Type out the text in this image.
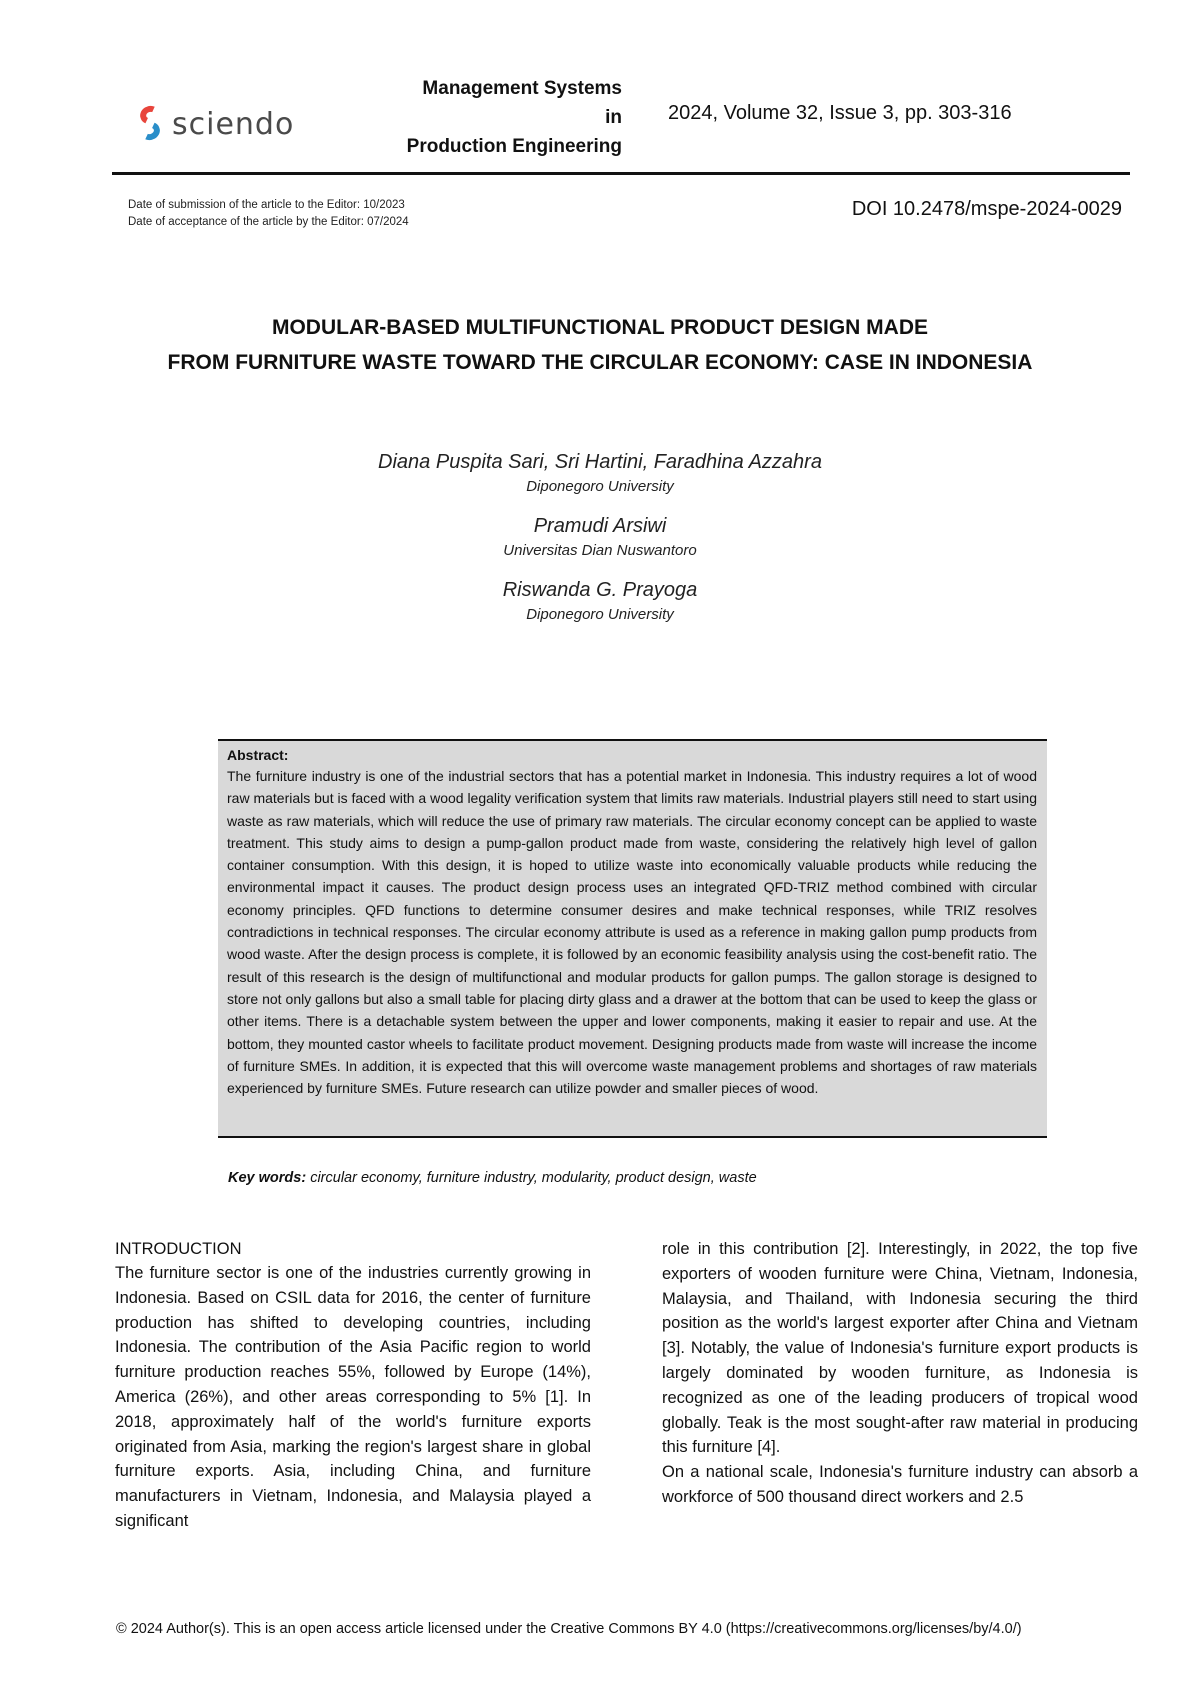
sciendo
Management Systems
in
Production Engineering
2024, Volume 32, Issue 3, pp. 303-316
Date of submission of the article to the Editor: 10/2023
Date of acceptance of the article by the Editor: 07/2024
DOI 10.2478/mspe-2024-0029
MODULAR-BASED MULTIFUNCTIONAL PRODUCT DESIGN MADE
FROM FURNITURE WASTE TOWARD THE CIRCULAR ECONOMY: CASE IN INDONESIA
Diana Puspita Sari, Sri Hartini, Faradhina Azzahra
Diponegoro University
Pramudi Arsiwi
Universitas Dian Nuswantoro
Riswanda G. Prayoga
Diponegoro University
Abstract:
The furniture industry is one of the industrial sectors that has a potential market in Indonesia. This industry requires a lot of wood raw materials but is faced with a wood legality verification system that limits raw materials. Industrial players still need to start using waste as raw materials, which will reduce the use of primary raw materials. The circular economy concept can be applied to waste treatment. This study aims to design a pump-gallon product made from waste, considering the relatively high level of gallon container consumption. With this design, it is hoped to utilize waste into economically valuable products while reducing the environmental impact it causes. The product design process uses an integrated QFD-TRIZ method combined with circular economy principles. QFD functions to determine consumer desires and make technical responses, while TRIZ resolves contradictions in technical responses. The circular economy attribute is used as a reference in making gallon pump products from wood waste. After the design process is complete, it is followed by an economic feasibility analysis using the cost-benefit ratio. The result of this research is the design of multifunctional and modular products for gallon pumps. The gallon storage is designed to store not only gallons but also a small table for placing dirty glass and a drawer at the bottom that can be used to keep the glass or other items. There is a detachable system between the upper and lower components, making it easier to repair and use. At the bottom, they mounted castor wheels to facilitate product movement. Designing products made from waste will increase the income of furniture SMEs. In addition, it is expected that this will overcome waste management problems and shortages of raw materials experienced by furniture SMEs. Future research can utilize powder and smaller pieces of wood.
Key words: circular economy, furniture industry, modularity, product design, waste
INTRODUCTION

The furniture sector is one of the industries currently growing in Indonesia. Based on CSIL data for 2016, the center of furniture production has shifted to developing countries, including Indonesia. The contribution of the Asia Pacific region to world furniture production reaches 55%, followed by Europe (14%), America (26%), and other areas corresponding to 5% [1]. In 2018, approximately half of the world's furniture exports originated from Asia, marking the region's largest share in global furniture exports. Asia, including China, and furniture manufacturers in Vietnam, Indonesia, and Malaysia played a significant

role in this contribution [2]. Interestingly, in 2022, the top five exporters of wooden furniture were China, Vietnam, Indonesia, Malaysia, and Thailand, with Indonesia securing the third position as the world's largest exporter after China and Vietnam [3]. Notably, the value of Indonesia's furniture export products is largely dominated by wooden furniture, as Indonesia is recognized as one of the leading producers of tropical wood globally. Teak is the most sought-after raw material in producing this furniture [4].

On a national scale, Indonesia's furniture industry can absorb a workforce of 500 thousand direct workers and 2.5

© 2024 Author(s). This is an open access article licensed under the Creative Commons BY 4.0 (https://creativecommons.org/licenses/by/4.0/)
